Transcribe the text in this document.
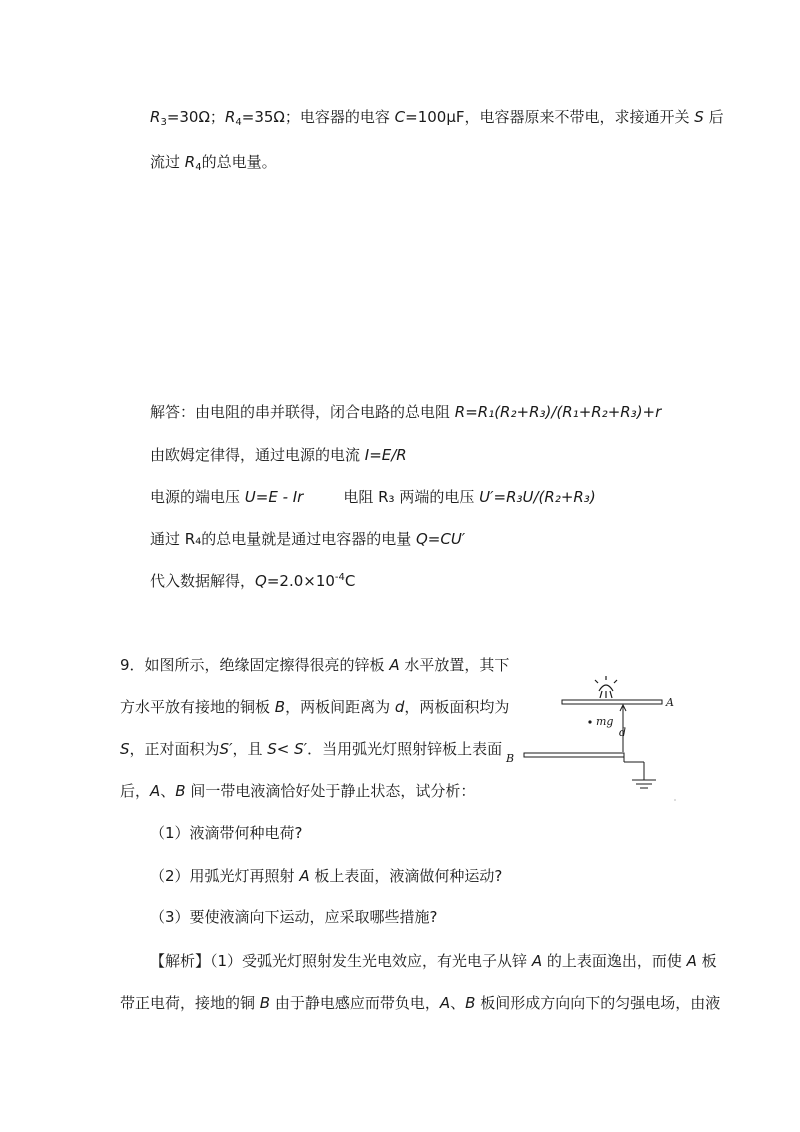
$R_3=30\Omega$；$R_4=35\Omega$；电容器的电容 C=100μF，电容器原来不带电，求接通开关 S 后
流过 $R_4$的总电量。
解答：由电阻的串并联得，闭合电路的总电阻 R=R₁(R₂+R₃)/(R₁+R₂+R₃)+r
由欧姆定律得，通过电源的电流 I=E/R
电源的端电压 U=E - Ir	电阻 R₃ 两端的电压 U′=R₃U/(R₂+R₃)
通过 R₄的总电量就是通过电容器的电量 Q=CU′
代入数据解得，$Q=2.0\times 10^{-4}C$
9．如图所示，绝缘固定擦得很亮的锌板 A 水平放置，其下
方水平放有接地的铜板 B，两板间距离为 d，两板面积均为
S，正对面积为S′，且 S< S′．当用弧光灯照射锌板上表面
后，A、B 间一带电液滴恰好处于静止状态，试分析：
（1）液滴带何种电荷?
（2）用弧光灯再照射 A 板上表面，液滴做何种运动?
（3）要使液滴向下运动，应采取哪些措施?
【解析】（1）受弧光灯照射发生光电效应，有光电子从锌 A 的上表面逸出，而使 A 板
带正电荷，接地的铜 B 由于静电感应而带负电，A、B 板间形成方向向下的匀强电场，由液
A
mg
d
B
